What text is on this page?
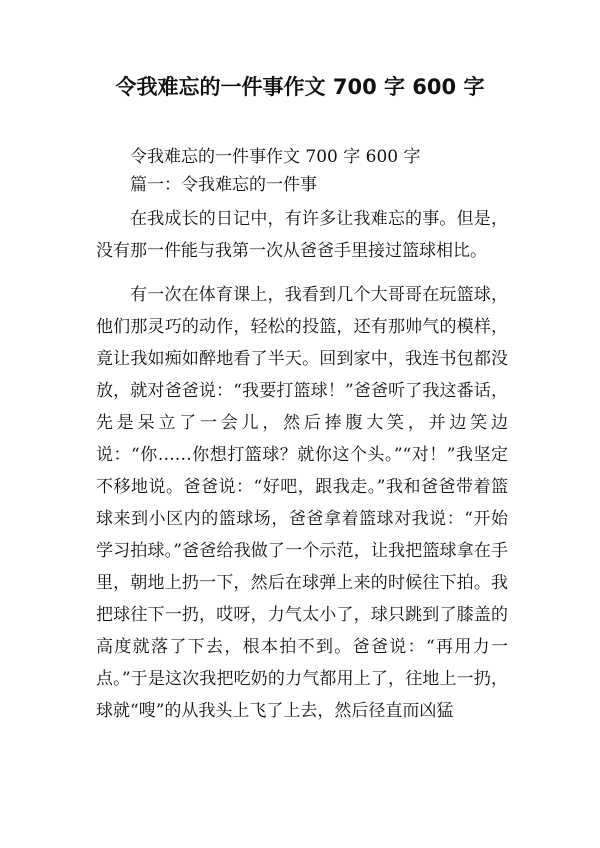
令我难忘的一件事作文 700 字 600 字

令我难忘的一件事作文 700 字 600 字

篇一：令我难忘的一件事

在我成长的日记中，有许多让我难忘的事。但是，没有那一件能与我第一次从爸爸手里接过篮球相比。

有一次在体育课上，我看到几个大哥哥在玩篮球，他们那灵巧的动作，轻松的投篮，还有那帅气的模样，竟让我如痴如醉地看了半天。回到家中，我连书包都没放，就对爸爸说：“我要打篮球！”爸爸听了我这番话，先是呆立了一会儿，然后捧腹大笑，并边笑边说：“你……你想打篮球？就你这个头。”“对！”我坚定不移地说。爸爸说：“好吧，跟我走。”我和爸爸带着篮球来到小区内的篮球场，爸爸拿着篮球对我说：“开始学习拍球。”爸爸给我做了一个示范，让我把篮球拿在手里，朝地上扔一下，然后在球弹上来的时候往下拍。我把球往下一扔，哎呀，力气太小了，球只跳到了膝盖的高度就落了下去，根本拍不到。爸爸说：“再用力一点。”于是这次我把吃奶的力气都用上了，往地上一扔，球就“嗖”的从我头上飞了上去，然后径直而凶猛
